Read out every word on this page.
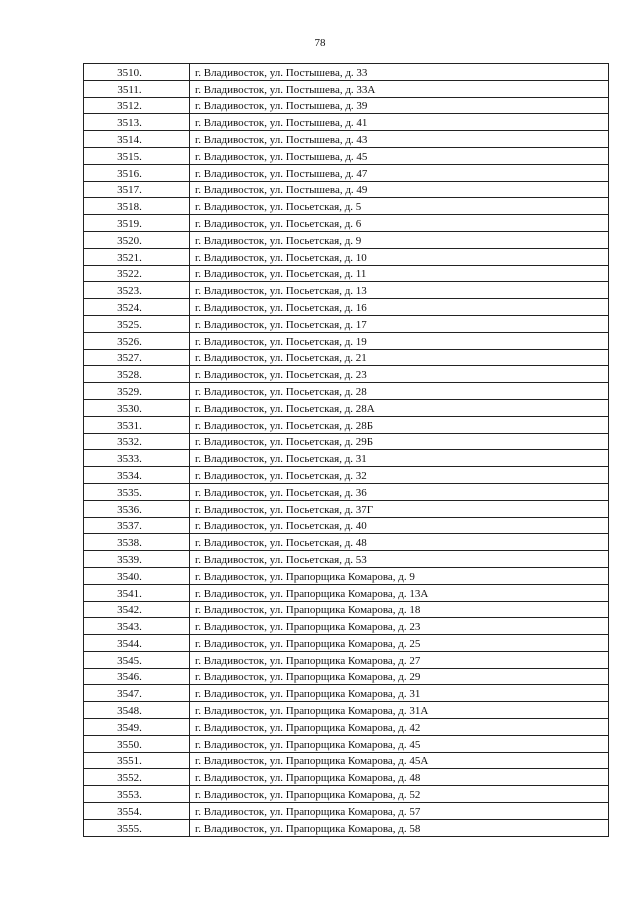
78
3510.	г. Владивосток, ул. Постышева, д. 33
3511.	г. Владивосток, ул. Постышева, д. 33А
3512.	г. Владивосток, ул. Постышева, д. 39
3513.	г. Владивосток, ул. Постышева, д. 41
3514.	г. Владивосток, ул. Постышева, д. 43
3515.	г. Владивосток, ул. Постышева, д. 45
3516.	г. Владивосток, ул. Постышева, д. 47
3517.	г. Владивосток, ул. Постышева, д. 49
3518.	г. Владивосток, ул. Посьетская, д. 5
3519.	г. Владивосток, ул. Посьетская, д. 6
3520.	г. Владивосток, ул. Посьетская, д. 9
3521.	г. Владивосток, ул. Посьетская, д. 10
3522.	г. Владивосток, ул. Посьетская, д. 11
3523.	г. Владивосток, ул. Посьетская, д. 13
3524.	г. Владивосток, ул. Посьетская, д. 16
3525.	г. Владивосток, ул. Посьетская, д. 17
3526.	г. Владивосток, ул. Посьетская, д. 19
3527.	г. Владивосток, ул. Посьетская, д. 21
3528.	г. Владивосток, ул. Посьетская, д. 23
3529.	г. Владивосток, ул. Посьетская, д. 28
3530.	г. Владивосток, ул. Посьетская, д. 28А
3531.	г. Владивосток, ул. Посьетская, д. 28Б
3532.	г. Владивосток, ул. Посьетская, д. 29Б
3533.	г. Владивосток, ул. Посьетская, д. 31
3534.	г. Владивосток, ул. Посьетская, д. 32
3535.	г. Владивосток, ул. Посьетская, д. 36
3536.	г. Владивосток, ул. Посьетская, д. 37Г
3537.	г. Владивосток, ул. Посьетская, д. 40
3538.	г. Владивосток, ул. Посьетская, д. 48
3539.	г. Владивосток, ул. Посьетская, д. 53
3540.	г. Владивосток, ул. Прапорщика Комарова, д. 9
3541.	г. Владивосток, ул. Прапорщика Комарова, д. 13А
3542.	г. Владивосток, ул. Прапорщика Комарова, д. 18
3543.	г. Владивосток, ул. Прапорщика Комарова, д. 23
3544.	г. Владивосток, ул. Прапорщика Комарова, д. 25
3545.	г. Владивосток, ул. Прапорщика Комарова, д. 27
3546.	г. Владивосток, ул. Прапорщика Комарова, д. 29
3547.	г. Владивосток, ул. Прапорщика Комарова, д. 31
3548.	г. Владивосток, ул. Прапорщика Комарова, д. 31А
3549.	г. Владивосток, ул. Прапорщика Комарова, д. 42
3550.	г. Владивосток, ул. Прапорщика Комарова, д. 45
3551.	г. Владивосток, ул. Прапорщика Комарова, д. 45А
3552.	г. Владивосток, ул. Прапорщика Комарова, д. 48
3553.	г. Владивосток, ул. Прапорщика Комарова, д. 52
3554.	г. Владивосток, ул. Прапорщика Комарова, д. 57
3555.	г. Владивосток, ул. Прапорщика Комарова, д. 58
